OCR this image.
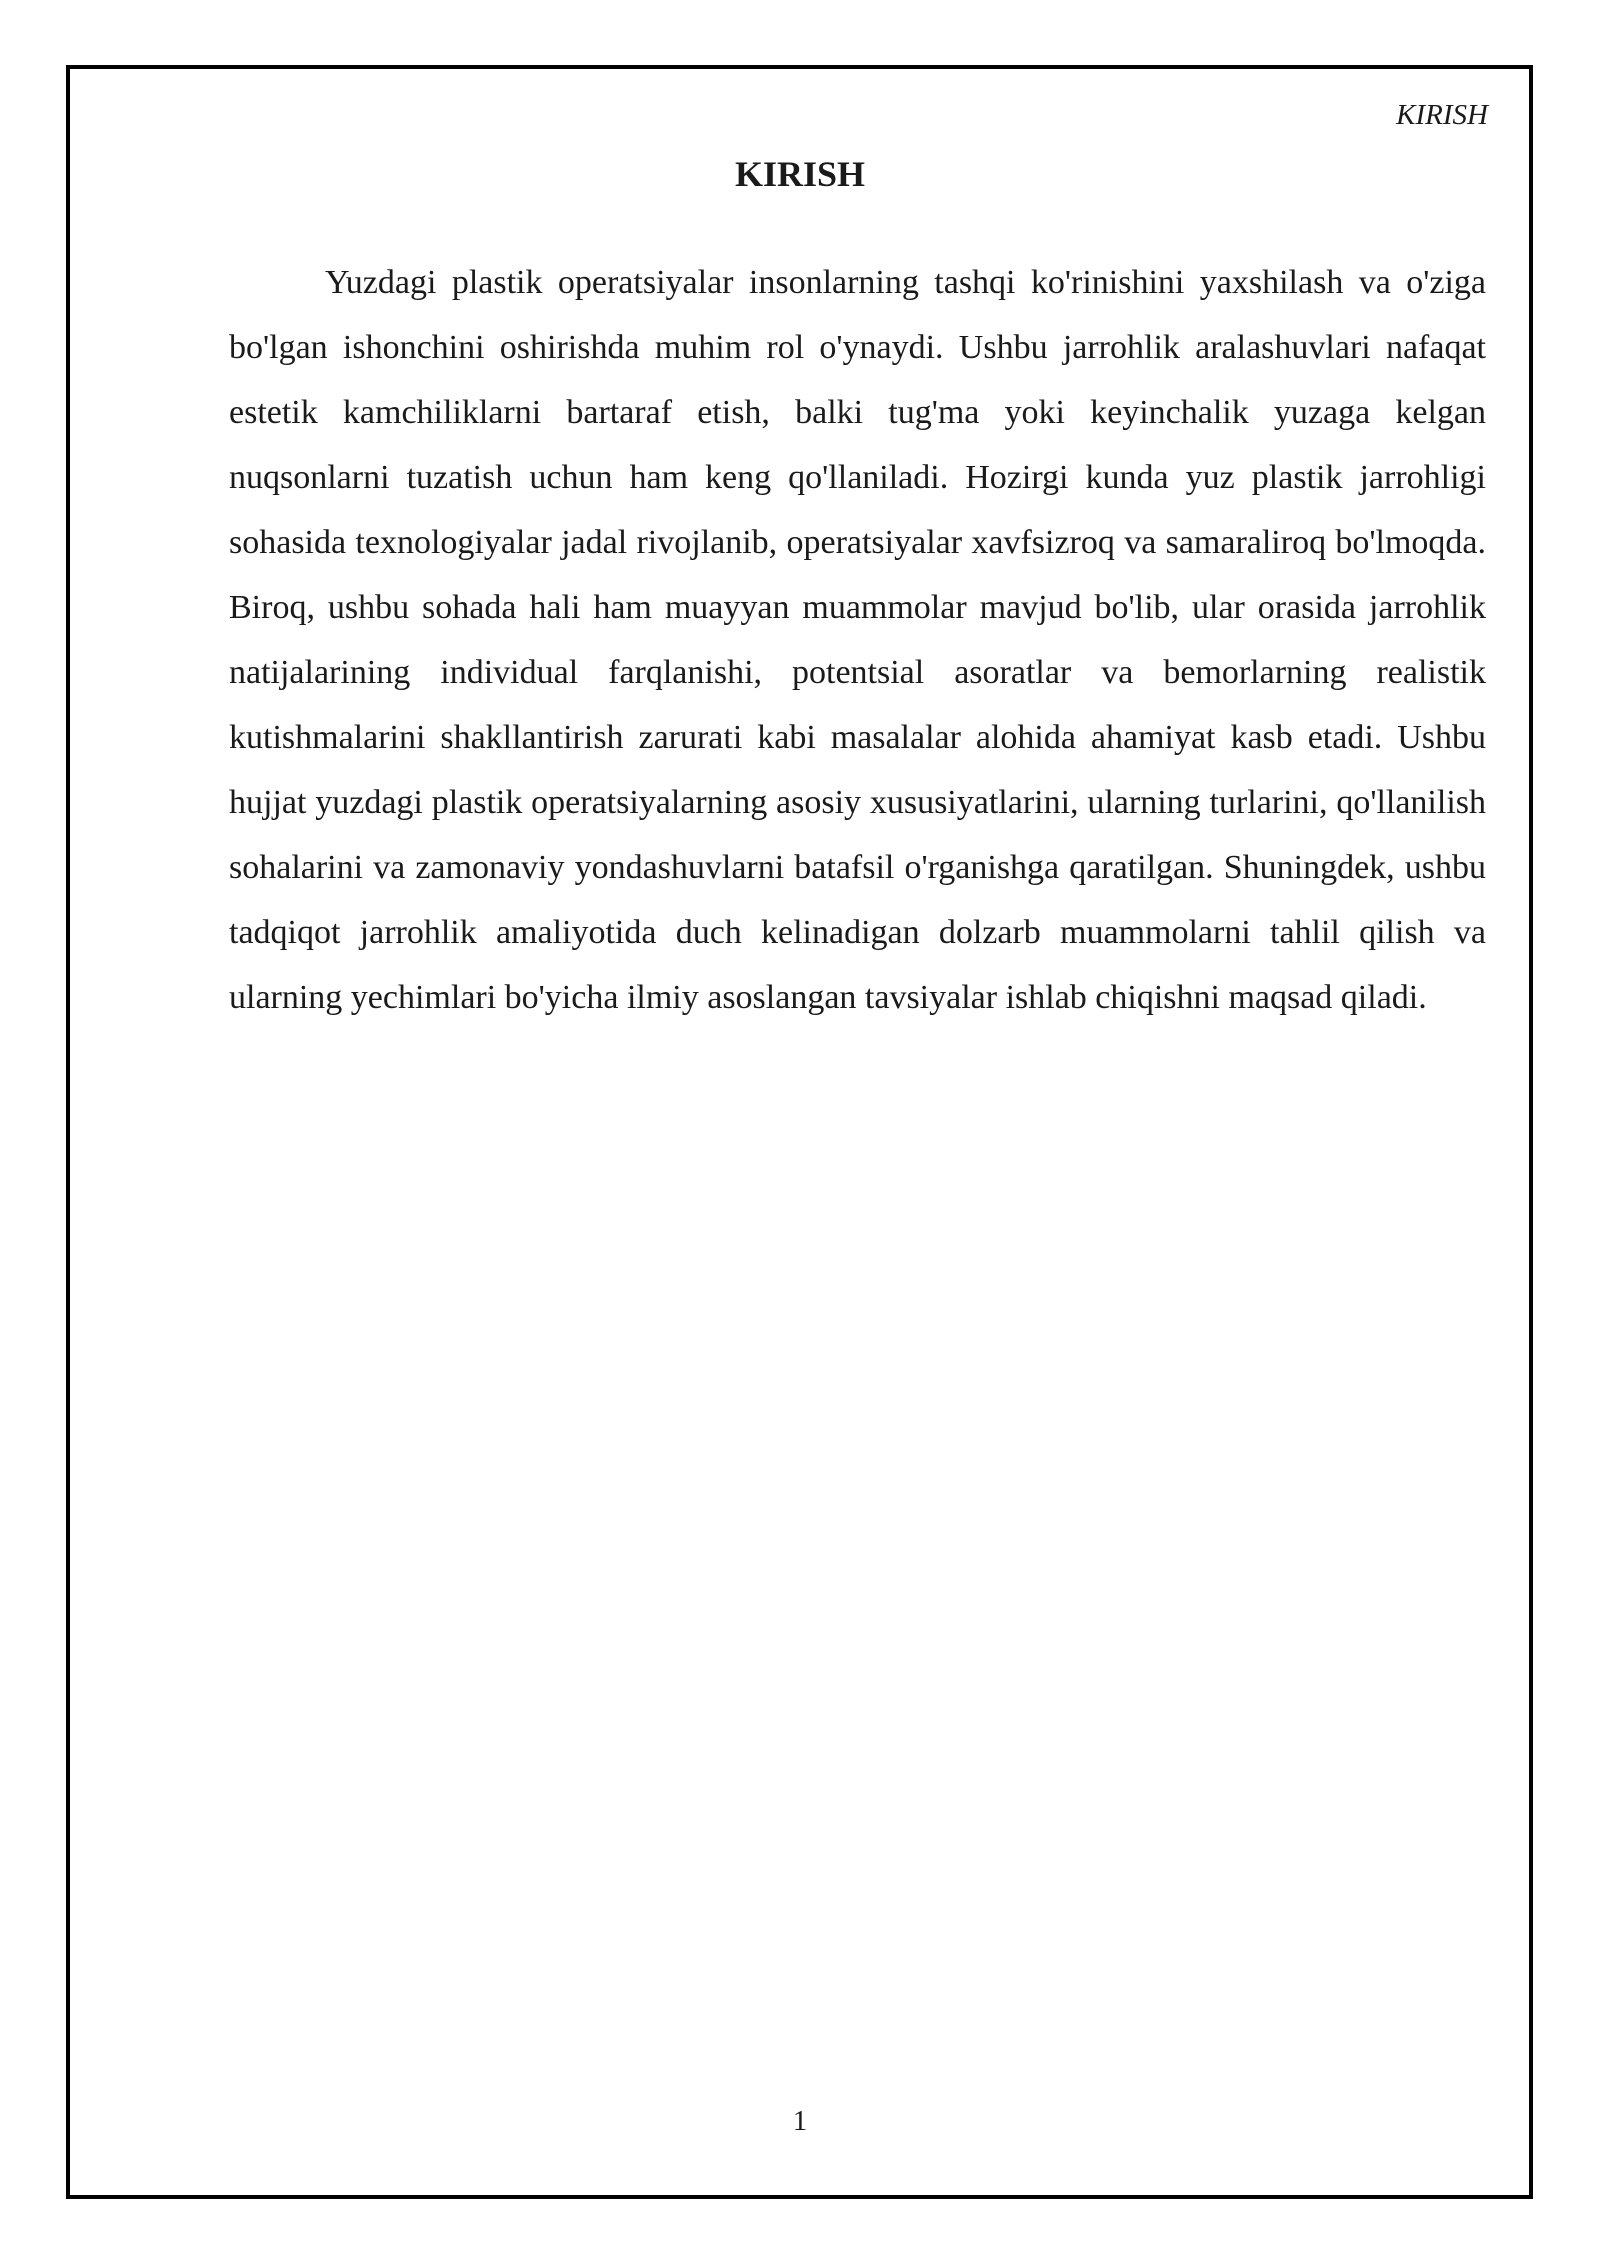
KIRISH
KIRISH

Yuzdagi plastik operatsiyalar insonlarning tashqi ko'rinishini yaxshilash va o'ziga bo'lgan ishonchini oshirishda muhim rol o'ynaydi. Ushbu jarrohlik aralashuvlari nafaqat estetik kamchiliklarni bartaraf etish, balki tug'ma yoki keyinchalik yuzaga kelgan nuqsonlarni tuzatish uchun ham keng qo'llaniladi. Hozirgi kunda yuz plastik jarrohligi sohasida texnologiyalar jadal rivojlanib, operatsiyalar xavfsizroq va samaraliroq bo'lmoqda. Biroq, ushbu sohada hali ham muayyan muammolar mavjud bo'lib, ular orasida jarrohlik natijalarining individual farqlanishi, potentsial asoratlar va bemorlarning realistik kutishmalarini shakllantirish zarurati kabi masalalar alohida ahamiyat kasb etadi. Ushbu hujjat yuzdagi plastik operatsiyalarning asosiy xususiyatlarini, ularning turlarini, qo'llanilish sohalarini va zamonaviy yondashuvlarni batafsil o'rganishga qaratilgan. Shuningdek, ushbu tadqiqot jarrohlik amaliyotida duch kelinadigan dolzarb muammolarni tahlil qilish va ularning yechimlari bo'yicha ilmiy asoslangan tavsiyalar ishlab chiqishni maqsad qiladi.

1
